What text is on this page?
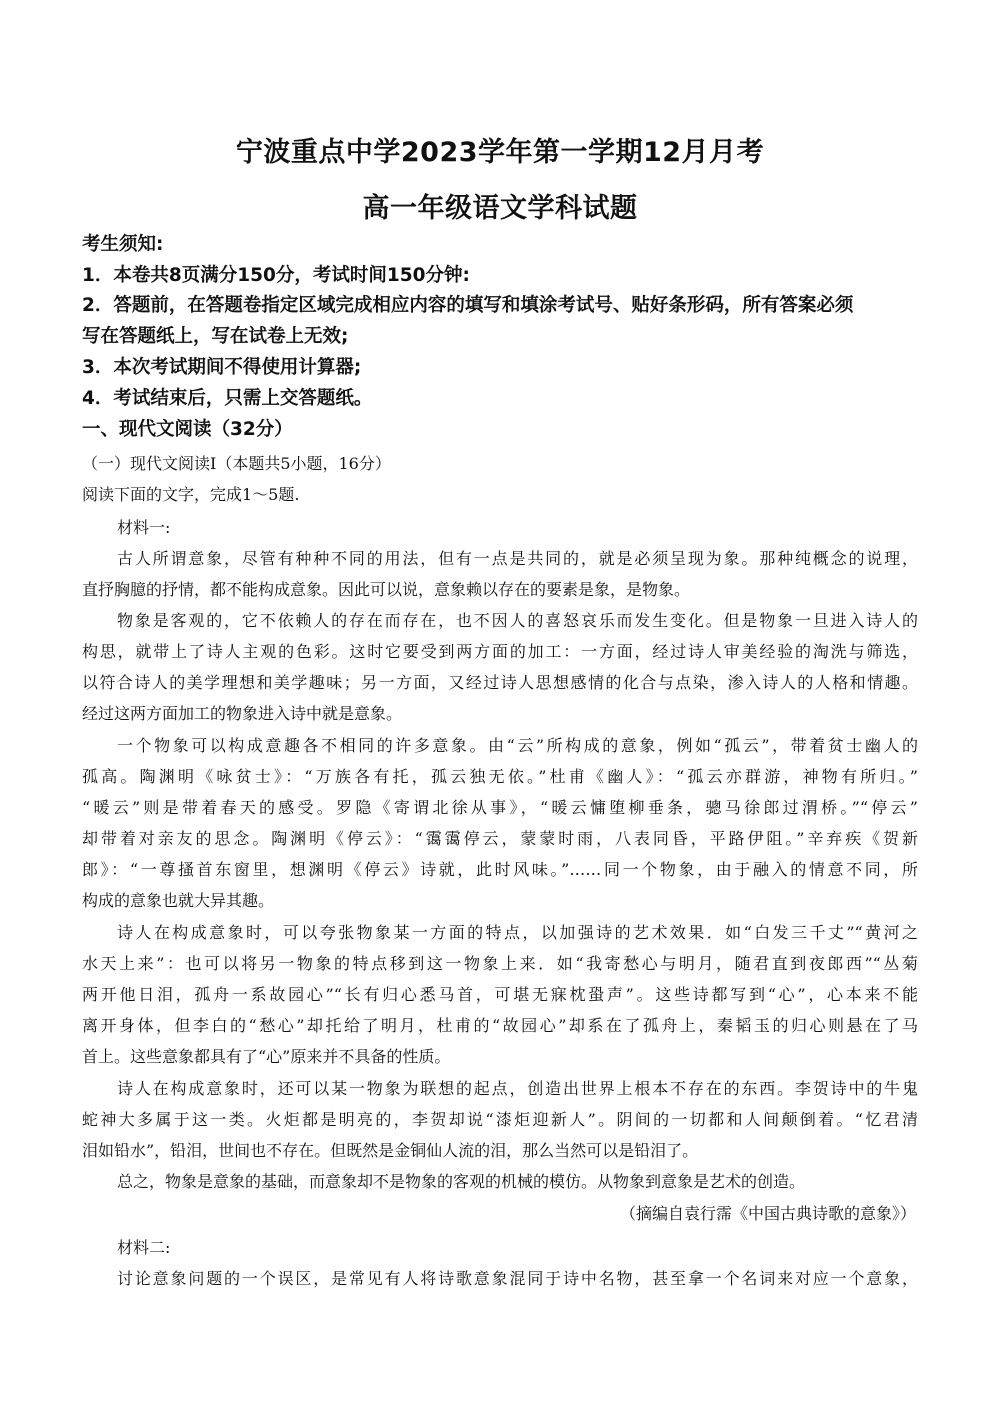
宁波重点中学2023学年第一学期12月月考
高一年级语文学科试题
考生须知:
1．本卷共8页满分150分，考试时间150分钟:
2．答题前，在答题卷指定区域完成相应内容的填写和填涂考试号、贴好条形码，所有答案必须
写在答题纸上，写在试卷上无效;
3．本次考试期间不得使用计算器;
4．考试结束后，只需上交答题纸。
一、现代文阅读（32分）
（一）现代文阅读Ⅰ（本题共5小题，16分）
阅读下面的文字，完成1～5题.
材料一:
古人所谓意象，尽管有种种不同的用法，但有一点是共同的，就是必须呈现为象。那种纯概念的说理，
直抒胸臆的抒情，都不能构成意象。因此可以说，意象赖以存在的要素是象，是物象。
物象是客观的，它不依赖人的存在而存在，也不因人的喜怒哀乐而发生变化。但是物象一旦进入诗人的
构思，就带上了诗人主观的色彩。这时它要受到两方面的加工：一方面，经过诗人审美经验的淘洗与筛选，
以符合诗人的美学理想和美学趣味；另一方面，又经过诗人思想感情的化合与点染，渗入诗人的人格和情趣。
经过这两方面加工的物象进入诗中就是意象。
一个物象可以构成意趣各不相同的许多意象。由“云”所构成的意象，例如“孤云”，带着贫士幽人的
孤高。陶渊明《咏贫士》：“万族各有托，孤云独无依。”杜甫《幽人》：“孤云亦群游，神物有所归。”
“暖云”则是带着春天的感受。罗隐《寄谓北徐从事》，“暖云慵堕柳垂条，骢马徐郎过渭桥。”“停云”
却带着对亲友的思念。陶渊明《停云》：“霭霭停云，蒙蒙时雨，八表同昏，平路伊阻。”辛弃疾《贺新
郎》：“一尊搔首东窗里，想渊明《停云》诗就，此时风味。”……同一个物象，由于融入的情意不同，所
构成的意象也就大异其趣。
诗人在构成意象时，可以夸张物象某一方面的特点，以加强诗的艺术效果．如“白发三千丈”“黄河之
水天上来”：也可以将另一物象的特点移到这一物象上来．如“我寄愁心与明月，随君直到夜郎西”“丛菊
两开他日泪，孤舟一系故园心”“长有归心悉马首，可堪无寐枕蛩声”。这些诗都写到“心”，心本来不能
离开身体，但李白的“愁心”却托给了明月，杜甫的“故园心”却系在了孤舟上，秦韬玉的归心则悬在了马
首上。这些意象都具有了“心”原来并不具备的性质。
诗人在构成意象时，还可以某一物象为联想的起点，创造出世界上根本不存在的东西。李贺诗中的牛鬼
蛇神大多属于这一类。火炬都是明亮的，李贺却说“漆炬迎新人”。阴间的一切都和人间颠倒着。“忆君清
泪如铅水”，铅泪，世间也不存在。但既然是金铜仙人流的泪，那么当然可以是铅泪了。
总之，物象是意象的基础，而意象却不是物象的客观的机械的模仿。从物象到意象是艺术的创造。
（摘编自袁行霈《中国古典诗歌的意象》）
材料二:
讨论意象问题的一个误区，是常见有人将诗歌意象混同于诗中名物，甚至拿一个名词来对应一个意象，
